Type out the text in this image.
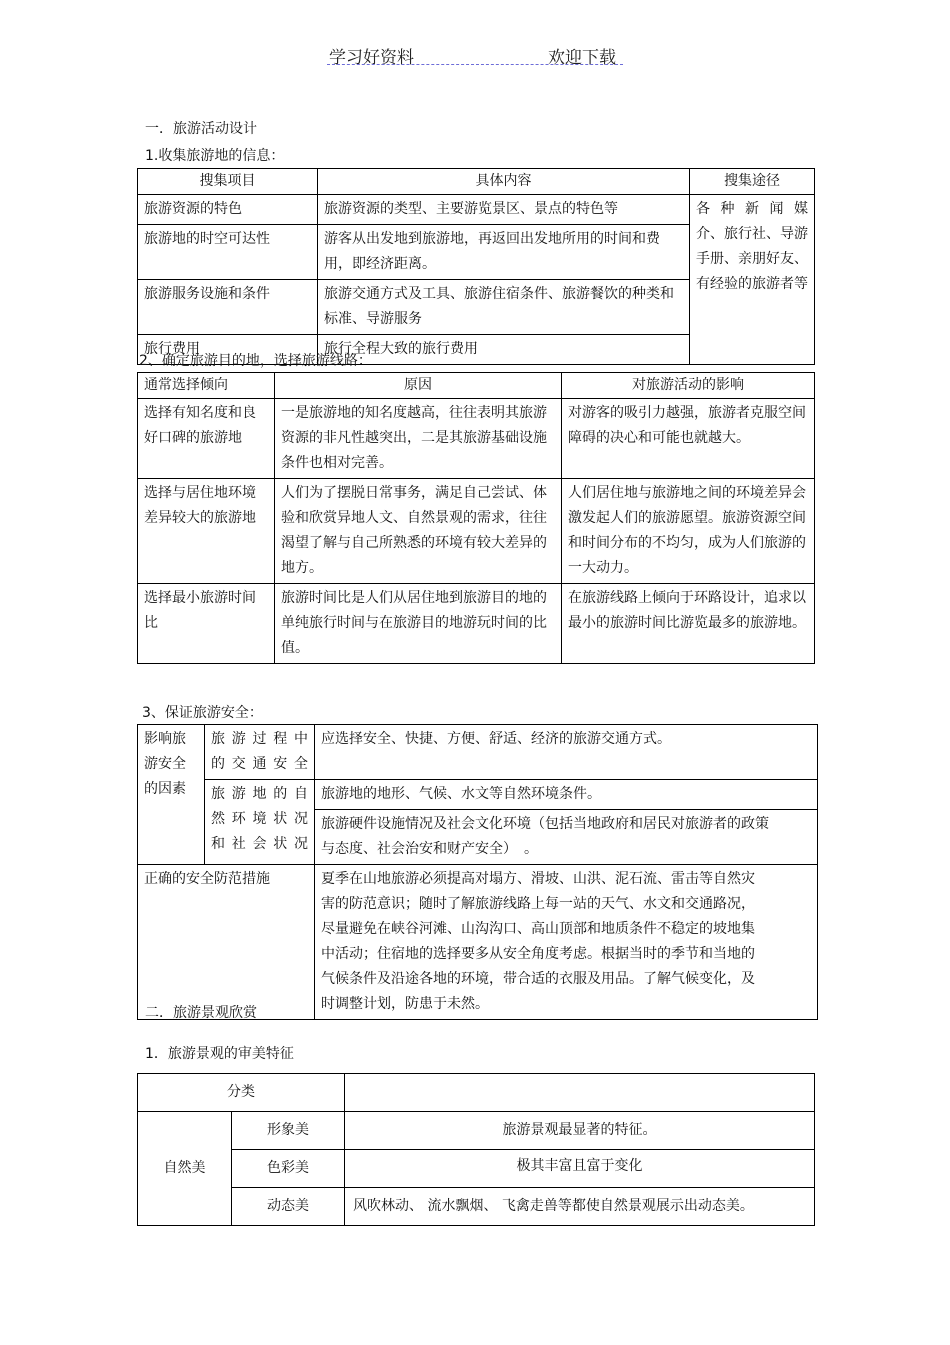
学习好资料	欢迎下载
一．旅游活动设计
1.收集旅游地的信息：
搜集项目	具体内容	搜集途径
旅游资源的特色	旅游资源的类型、主要游览景区、景点的特色等	各 种 新 闻 媒
介、旅行社、导游手册、亲朋好友、有经验的旅游者等

旅游地的时空可达性	游客从出发地到旅游地，再返回出发地所用的时间和费用，即经济距离。	
旅游服务设施和条件	旅游交通方式及工具、旅游住宿条件、旅游餐饮的种类和标准、导游服务	
旅行费用	旅行全程大致的旅行费用	
2、确定旅游目的地，选择旅游线路：
通常选择倾向	原因	对旅游活动的影响
选择有知名度和良好口碑的旅游地	一是旅游地的知名度越高，往往表明其旅游资源的非凡性越突出，二是其旅游基础设施条件也相对完善。	对游客的吸引力越强，旅游者克服空间障碍的决心和可能也就越大。
选择与居住地环境差异较大的旅游地	人们为了摆脱日常事务，满足自己尝试、体验和欣赏异地人文、自然景观的需求，往往渴望了解与自己所熟悉的环境有较大差异的地方。	人们居住地与旅游地之间的环境差异会激发起人们的旅游愿望。旅游资源空间和时间分布的不均匀，成为人们旅游的一大动力。
选择最小旅游时间比	旅游时间比是人们从居住地到旅游目的地的单纯旅行时间与在旅游目的地游玩时间的比值。	在旅游线路上倾向于环路设计，追求以最小的旅游时间比游览最多的旅游地。
3、保证旅游安全：
影响旅游安全的因素	旅 游 过 程 中的交通安全	应选择安全、快捷、方便、舒适、经济的旅游交通方式。
	旅 游 地 的 自然 环 境 状 况和社会状况	旅游地的地形、气候、水文等自然环境条件。
		旅游硬件设施情况及社会文化环境（包括当地政府和居民对旅游者的政策与态度、社会治安和财产安全）　。
正确的安全防范措施		夏季在山地旅游必须提高对塌方、滑坡、山洪、泥石流、雷击等自然灾害的防范意识；随时了解旅游线路上每一站的天气、水文和交通路况，尽量避免在峡谷河滩、山沟沟口、高山顶部和地质条件不稳定的坡地集中活动；住宿地的选择要多从安全角度考虑。根据当时的季节和当地的气候条件及沿途各地的环境，带合适的衣服及用品。了解气候变化，及时调整计划，防患于未然。
二．旅游景观欣赏
1．旅游景观的审美特征
分类		
自然美	形象美	旅游景观最显著的特征。
	色彩美	极其丰富且富于变化
	动态美	风吹林动、 流水飘烟、 飞禽走兽等都使自然景观展示出动态美。
